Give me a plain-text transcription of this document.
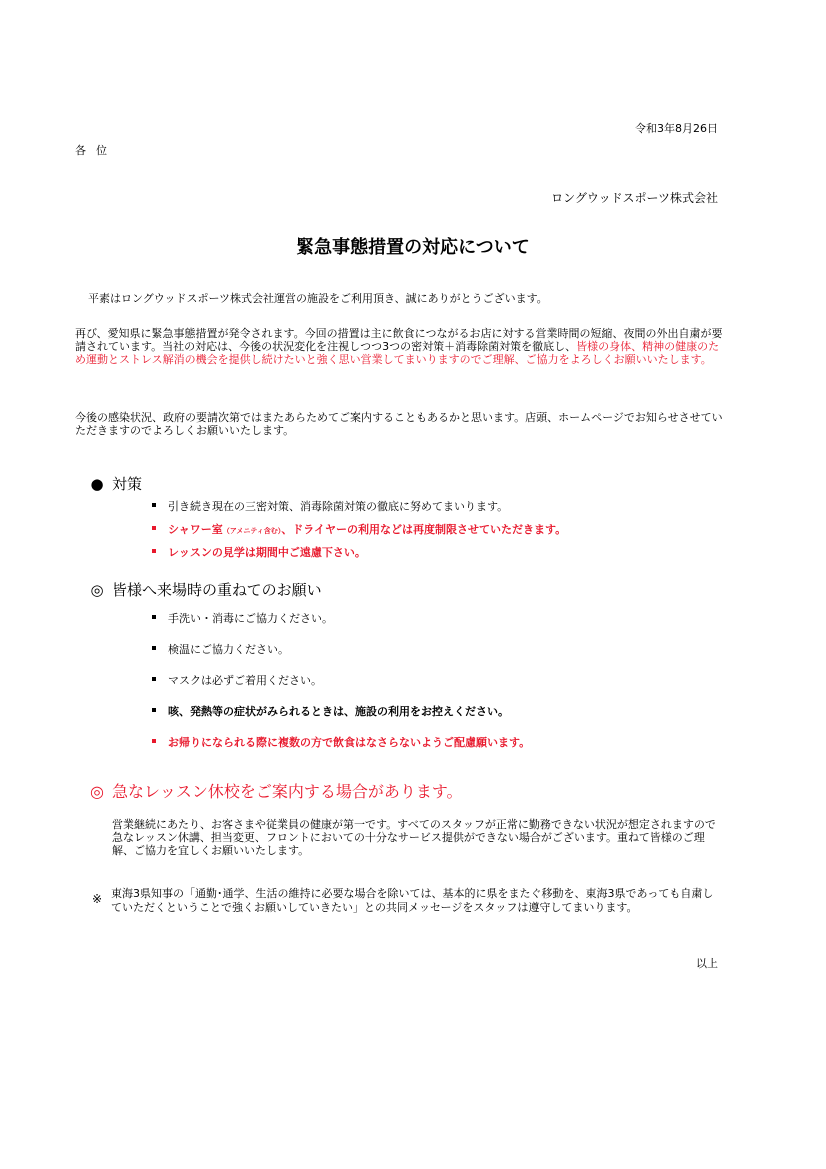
令和3年8月26日
各位
ロングウッドスポーツ株式会社
緊急事態措置の対応について

平素はロングウッドスポーツ株式会社運営の施設をご利用頂き、誠にありがとうございます。

再び、愛知県に緊急事態措置が発令されます。今回の措置は主に飲食につながるお店に対する営業時間の短縮、夜間の外出自粛が要請されています。当社の対応は、今後の状況変化を注視しつつ3つの密対策＋消毒除菌対策を徹底し、皆様の身体、精神の健康のため運動とストレス解消の機会を提供し続けたいと強く思い営業してまいりますのでご理解、ご協力をよろしくお願いいたします。

今後の感染状況、政府の要請次第ではまたあらためてご案内することもあるかと思います。店頭、ホームページでお知らせさせていただきますのでよろしくお願いいたします。

● 対策
引き続き現在の三密対策、消毒除菌対策の徹底に努めてまいります。
シャワー室（アメニティ含む）、ドライヤーの利用などは再度制限させていただきます。
レッスンの見学は期間中ご遠慮下さい。
◎ 皆様へ来場時の重ねてのお願い
手洗い・消毒にご協力ください。
検温にご協力ください。
マスクは必ずご着用ください。
咳、発熱等の症状がみられるときは、施設の利用をお控えください。
お帰りになられる際に複数の方で飲食はなさらないようご配慮願います。
◎ 急なレッスン休校をご案内する場合があります。

営業継続にあたり、お客さまや従業員の健康が第一です。すべてのスタッフが正常に勤務できない状況が想定されますので急なレッスン休講、担当変更、フロントにおいての十分なサービス提供ができない場合がございます。重ねて皆様のご理解、ご協力を宜しくお願いいたします。

※ 東海3県知事の「通勤･通学、生活の維持に必要な場合を除いては、基本的に県をまたぐ移動を、東海3県であっても自粛していただくということで強くお願いしていきたい」との共同メッセージをスタッフは遵守してまいります。

以上
